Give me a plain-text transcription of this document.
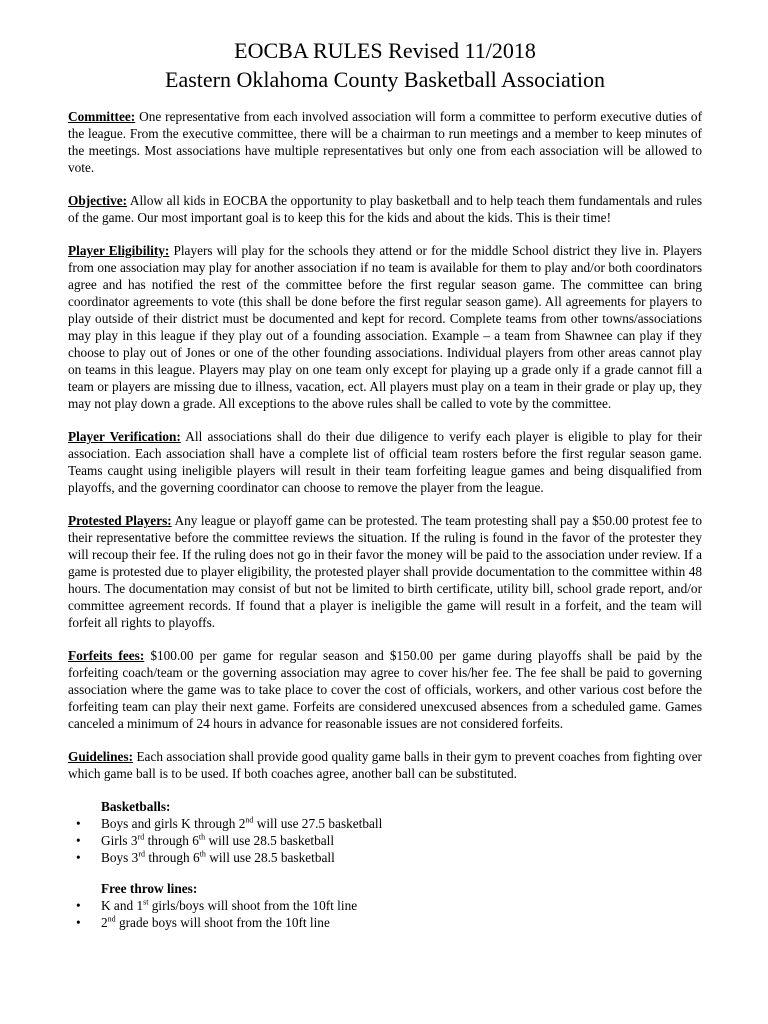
EOCBA RULES Revised 11/2018
Eastern Oklahoma County Basketball Association

Committee: One representative from each involved association will form a committee to perform executive duties of the league. From the executive committee, there will be a chairman to run meetings and a member to keep minutes of the meetings. Most associations have multiple representatives but only one from each association will be allowed to vote.

Objective: Allow all kids in EOCBA the opportunity to play basketball and to help teach them fundamentals and rules of the game. Our most important goal is to keep this for the kids and about the kids. This is their time!

Player Eligibility: Players will play for the schools they attend or for the middle School district they live in. Players from one association may play for another association if no team is available for them to play and/or both coordinators agree and has notified the rest of the committee before the first regular season game. The committee can bring coordinator agreements to vote (this shall be done before the first regular season game). All agreements for players to play outside of their district must be documented and kept for record. Complete teams from other towns/associations may play in this league if they play out of a founding association. Example – a team from Shawnee can play if they choose to play out of Jones or one of the other founding associations. Individual players from other areas cannot play on teams in this league. Players may play on one team only except for playing up a grade only if a grade cannot fill a team or players are missing due to illness, vacation, ect. All players must play on a team in their grade or play up, they may not play down a grade. All exceptions to the above rules shall be called to vote by the committee.

Player Verification: All associations shall do their due diligence to verify each player is eligible to play for their association. Each association shall have a complete list of official team rosters before the first regular season game. Teams caught using ineligible players will result in their team forfeiting league games and being disqualified from playoffs, and the governing coordinator can choose to remove the player from the league.

Protested Players: Any league or playoff game can be protested. The team protesting shall pay a $50.00 protest fee to their representative before the committee reviews the situation. If the ruling is found in the favor of the protester they will recoup their fee. If the ruling does not go in their favor the money will be paid to the association under review. If a game is protested due to player eligibility, the protested player shall provide documentation to the committee within 48 hours. The documentation may consist of but not be limited to birth certificate, utility bill, school grade report, and/or committee agreement records. If found that a player is ineligible the game will result in a forfeit, and the team will forfeit all rights to playoffs.

Forfeits fees: $100.00 per game for regular season and $150.00 per game during playoffs shall be paid by the forfeiting coach/team or the governing association may agree to cover his/her fee. The fee shall be paid to governing association where the game was to take place to cover the cost of officials, workers, and other various cost before the forfeiting team can play their next game. Forfeits are considered unexcused absences from a scheduled game. Games canceled a minimum of 24 hours in advance for reasonable issues are not considered forfeits.

Guidelines: Each association shall provide good quality game balls in their gym to prevent coaches from fighting over which game ball is to be used. If both coaches agree, another ball can be substituted.

Basketballs:
• Boys and girls K through 2nd will use 27.5 basketball
• Girls 3rd through 6th will use 28.5 basketball
• Boys 3rd through 6th will use 28.5 basketball
Free throw lines:
• K and 1st girls/boys will shoot from the 10ft line
• 2nd grade boys will shoot from the 10ft line
